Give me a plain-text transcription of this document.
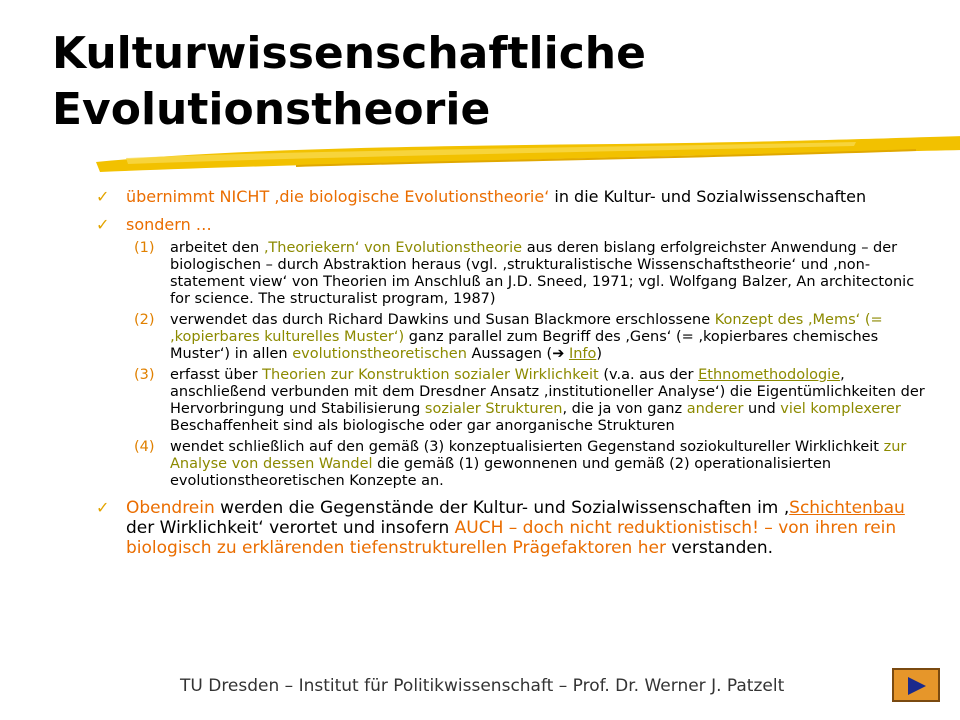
Kulturwissenschaftliche Evolutionstheorie
✓ übernimmt NICHT ‚die biologische Evolutionstheorie‘ in die Kultur- und Sozialwissenschaften
✓ sondern …
(1) arbeitet den ‚Theoriekern‘ von Evolutionstheorie aus deren bislang erfolgreichster Anwendung – der biologischen – durch Abstraktion heraus (vgl. ‚strukturalistische Wissenschaftstheorie‘ und ‚non-statement view‘ von Theorien im Anschluß an J.D. Sneed, 1971; vgl. Wolfgang Balzer, An architectonic for science. The structuralist program, 1987)
(2) verwendet das durch Richard Dawkins und Susan Blackmore erschlossene Konzept des ‚Mems‘ (= ‚kopierbares kulturelles Muster‘) ganz parallel zum Begriff des ‚Gens‘ (= ‚kopierbares chemisches Muster‘) in allen evolutionstheoretischen Aussagen (➔ Info)
(3) erfasst über Theorien zur Konstruktion sozialer Wirklichkeit (v.a. aus der Ethnomethodologie, anschließend verbunden mit dem Dresdner Ansatz ‚institutioneller Analyse‘) die Eigentümlichkeiten der Hervorbringung und Stabilisierung sozialer Strukturen, die ja von ganz anderer und viel komplexerer Beschaffenheit sind als biologische oder gar anorganische Strukturen
(4) wendet schließlich auf den gemäß (3) konzeptualisierten Gegenstand soziokultureller Wirklichkeit zur Analyse von dessen Wandel die gemäß (1) gewonnenen und gemäß (2) operationalisierten evolutionstheoretischen Konzepte an.
✓ Obendrein werden die Gegenstände der Kultur- und Sozialwissenschaften im ‚Schichtenbau der Wirklichkeit‘ verortet und insofern AUCH – doch nicht reduktionistisch! – von ihren rein biologisch zu erklärenden tiefenstrukturellen Prägefaktoren her verstanden.
TU Dresden – Institut für Politikwissenschaft – Prof. Dr. Werner J. Patzelt
